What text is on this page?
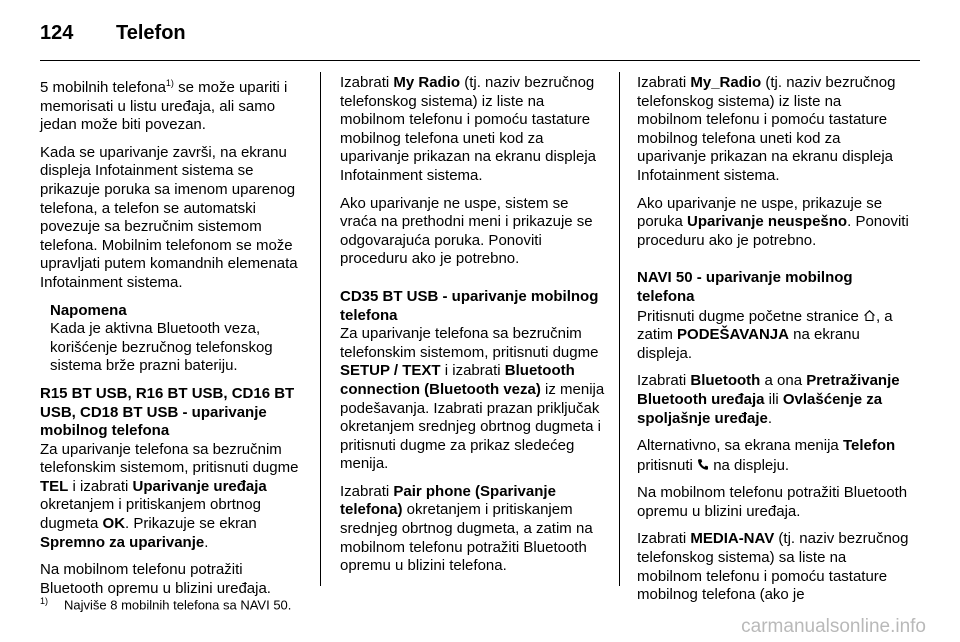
124 Telefon

5 mobilnih telefona$^{1)}$ se može upariti i memorisati u listu uređaja, ali samo jedan može biti povezan.

Kada se uparivanje završi, na ekranu displeja Infotainment sistema se prikazuje poruka sa imenom uparenog telefona, a telefon se automatski povezuje sa bezručnim sistemom telefona. Mobilnim telefonom se može upravljati putem komandnih elemenata Infotainment sistema.

Napomena
Kada je aktivna Bluetooth veza, korišćenje bezručnog telefonskog sistema brže prazni bateriju.

R15 BT USB, R16 BT USB, CD16 BT USB, CD18 BT USB - uparivanje mobilnog telefona

Za uparivanje telefona sa bezručnim telefonskim sistemom, pritisnuti dugme TEL i izabrati Uparivanje uređaja okretanjem i pritiskanjem obrtnog dugmeta OK. Prikazuje se ekran Spremno za uparivanje.

Na mobilnom telefonu potražiti Bluetooth opremu u blizini uređaja.

Izabrati My Radio (tj. naziv bezručnog telefonskog sistema) iz liste na mobilnom telefonu i pomoću tastature mobilnog telefona uneti kod za uparivanje prikazan na ekranu displeja Infotainment sistema.

Ako uparivanje ne uspe, sistem se vraća na prethodni meni i prikazuje se odgovarajuća poruka. Ponoviti proceduru ako je potrebno.

CD35 BT USB - uparivanje mobilnog telefona

Za uparivanje telefona sa bezručnim telefonskim sistemom, pritisnuti dugme SETUP / TEXT i izabrati Bluetooth connection (Bluetooth veza) iz menija podešavanja. Izabrati prazan priključak okretanjem srednjeg obrtnog dugmeta i pritisnuti dugme za prikaz sledećeg menija.

Izabrati Pair phone (Sparivanje telefona) okretanjem i pritiskanjem srednjeg obrtnog dugmeta, a zatim na mobilnom telefonu potražiti Bluetooth opremu u blizini telefona.

Izabrati My_Radio (tj. naziv bezručnog telefonskog sistema) iz liste na mobilnom telefonu i pomoću tastature mobilnog telefona uneti kod za uparivanje prikazan na ekranu displeja Infotainment sistema.

Ako uparivanje ne uspe, prikazuje se poruka Uparivanje neuspešno. Ponoviti proceduru ako je potrebno.

NAVI 50 - uparivanje mobilnog telefona

Pritisnuti dugme početne stranice , a zatim PODEŠAVANJA na ekranu displeja.

Izabrati Bluetooth a ona Pretraživanje Bluetooth uređaja ili Ovlašćenje za spoljašnje uređaje.

Alternativno, sa ekrana menija Telefon pritisnuti  na displeju.

Na mobilnom telefonu potražiti Bluetooth opremu u blizini uređaja.

Izabrati MEDIA-NAV (tj. naziv bezručnog telefonskog sistema) sa liste na mobilnom telefonu i pomoću tastature mobilnog telefona (ako je

$^{1)}$ Najviše 8 mobilnih telefona sa NAVI 50.
carmanualsonline.info
